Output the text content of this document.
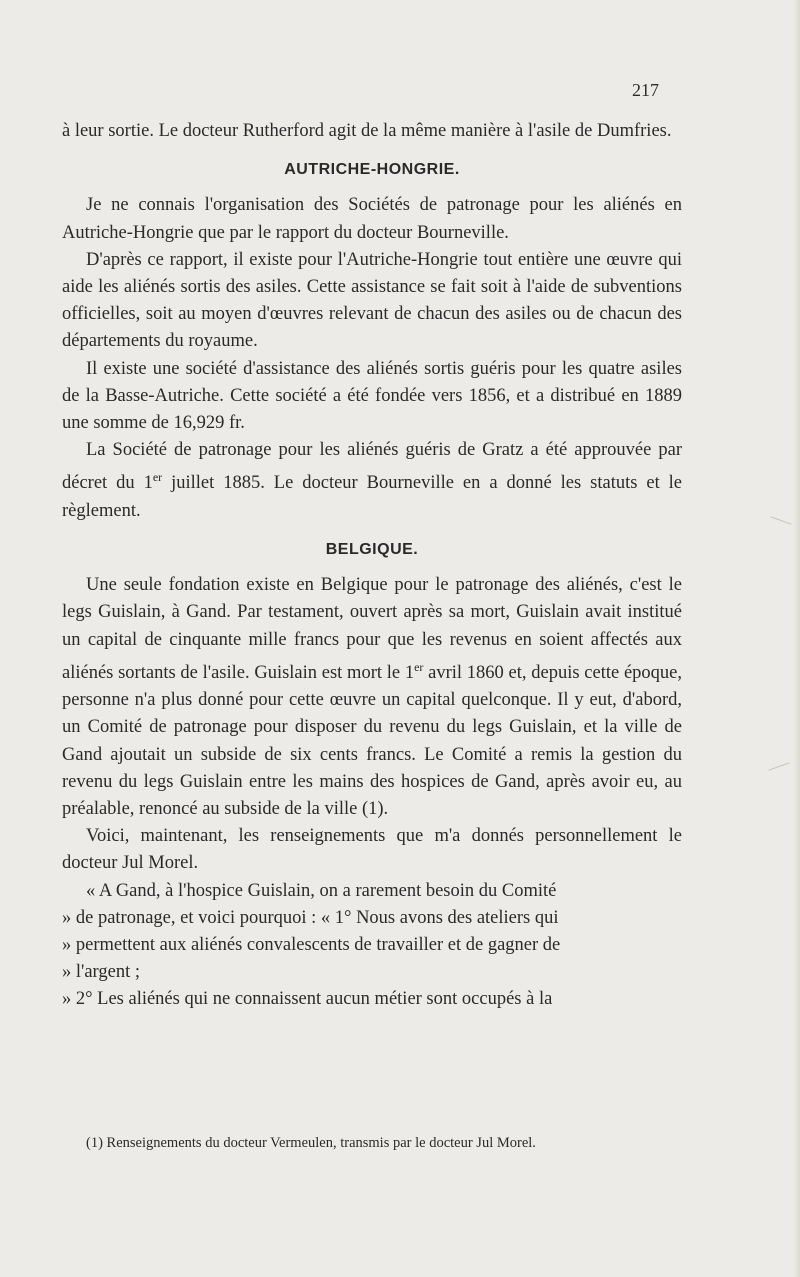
217

à leur sortie. Le docteur Rutherford agit de la même manière à l'asile de Dumfries.

AUTRICHE-HONGRIE.

Je ne connais l'organisation des Sociétés de patronage pour les aliénés en Autriche-Hongrie que par le rapport du docteur Bourneville.

D'après ce rapport, il existe pour l'Autriche-Hongrie tout entière une œuvre qui aide les aliénés sortis des asiles. Cette assistance se fait soit à l'aide de subventions officielles, soit au moyen d'œuvres relevant de chacun des asiles ou de chacun des départements du royaume.

Il existe une société d'assistance des aliénés sortis guéris pour les quatre asiles de la Basse-Autriche. Cette société a été fondée vers 1856, et a distribué en 1889 une somme de 16,929 fr.

La Société de patronage pour les aliénés guéris de Gratz a été approuvée par décret du 1er juillet 1885. Le docteur Bourneville en a donné les statuts et le règlement.

BELGIQUE.

Une seule fondation existe en Belgique pour le patronage des aliénés, c'est le legs Guislain, à Gand. Par testament, ouvert après sa mort, Guislain avait institué un capital de cinquante mille francs pour que les revenus en soient affectés aux aliénés sortants de l'asile. Guislain est mort le 1er avril 1860 et, depuis cette époque, personne n'a plus donné pour cette œuvre un capital quelconque. Il y eut, d'abord, un Comité de patronage pour disposer du revenu du legs Guislain, et la ville de Gand ajoutait un subside de six cents francs. Le Comité a remis la gestion du revenu du legs Guislain entre les mains des hospices de Gand, après avoir eu, au préalable, renoncé au subside de la ville (1).

Voici, maintenant, les renseignements que m'a donnés personnellement le docteur Jul Morel.

« A Gand, à l'hospice Guislain, on a rarement besoin du Comité

» de patronage, et voici pourquoi : « 1° Nous avons des ateliers qui

» permettent aux aliénés convalescents de travailler et de gagner de

» l'argent ;

» 2° Les aliénés qui ne connaissent aucun métier sont occupés à la

(1) Renseignements du docteur Vermeulen, transmis par le docteur Jul Morel.
